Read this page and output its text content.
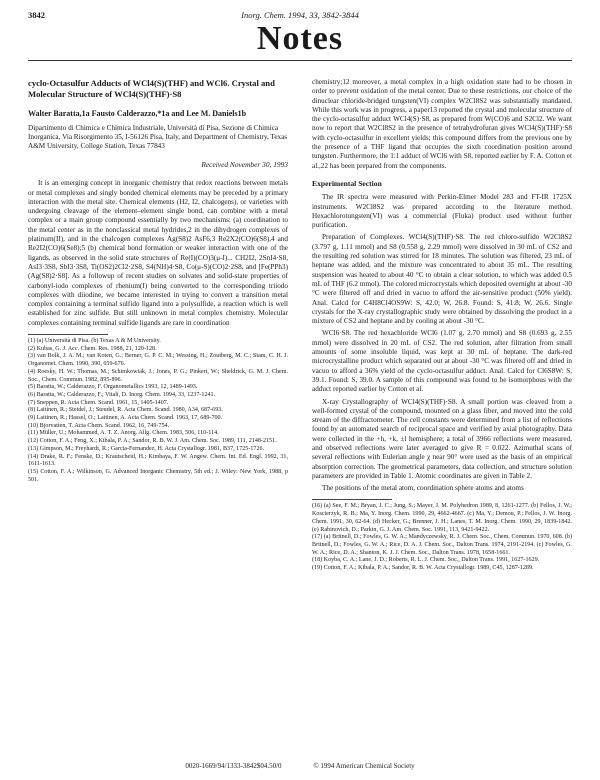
3842	Inorg. Chem. 1994, 33, 3842-3844
Notes
cyclo-Octasulfur Adducts of WCl4(S)(THF) and WCl6. Crystal and Molecular Structure of WCl4(S)(THF)·S8
Walter Baratta,1a Fausto Calderazzo,*1a and Lee M. Daniels1b
Dipartimento di Chimica e Chimica Industriale, Università di Pisa, Sezione di Chimica Inorganica, Via Risorgimento 35, I-56126 Pisa, Italy, and Department of Chemistry, Texas A&M University, College Station, Texas 77843
Received November 30, 1993
It is an emerging concept in inorganic chemistry that redox reactions between metals or metal complexes and singly bonded chemical elements may be preceded by a primary interaction with the metal site. Chemical elements (H2, I2, chalcogens), or varieties with undergoing cleavage of the element–element single bond, can combine with a metal complex or a main group compound essentially by two mechanisms: (a) coordination to the metal center as in the nonclassical metal hydrides,2 in the dihydrogen complexes of platinum(II), and in the chalcogen complexes Ag(S8)2 AsF6,3 Re2X2(CO)6(S8),4 and Re2I2(CO)6(Se8);5 (b) chemical bond formation or weaker interaction with one of the ligands, as observed in the solid state structures of Re(I)(CO)3(μ-I)... CH2I2, 2SnI4·S8, AsI3·3S8, SbI3·3S8, Ti(OS2)2Cl2·2S8, S4(NH)4·S8, Co(μ-S)(CO)2·2S8, and [Fe(PPh3)(Ag(S8)2·S8]. As a followup of recent studies on solvates and solid-state properties of carbonyl-iodo complexes of rhenium(I) being converted to the corresponding triiodo complexes with diiodine, we became interested in trying to convert a transition metal complex containing a terminal sulfido ligand into a polysulfide, a reaction which is well established for zinc sulfide. But still unknown in metal complex chemistry. Molecular complexes containing terminal sulfide ligands are rare in coordination
(1) (a) Università di Pisa. (b) Texas A & M University.
(2) Kubas, G. J. Acc. Chem. Res. 1988, 21, 120-128.
(3) van Bolk, J. A. M.; van Koten, G.; Berner, G. P. C. M.; Wessing, H.; Zoutberg, M. C.; Stam, C. H. J. Organomet. Chem. 1990, 390, 659-676.
(4) Roesky, H. W.; Thomas, M.; Schimkowiak, J.; Jones, P. G.; Pinkert, W.; Sheldrick, G. M. J. Chem. Soc., Chem. Commun. 1982, 895-896.
(5) Baratta, W.; Calderazzo, F. Organometallics 1993, 12, 1489-1493.
(6) Baratta, W.; Calderazzo, F.; Vitali, D. Inorg. Chem. 1994, 33, 1237-1241.
(7) Sneppen, R. Acta Chem. Scand. 1961, 15, 1405-1407.
(8) Laitinen, R.; Steidel, J.; Steudel, R. Acta Chem. Scand. 1980, A34, 687-693.
(9) Laitinen, R.; Hassel, O.; Laitinen, A. Acta Chem. Scand. 1963, 17, 689-700.
(10) Bjorvatten, T. Acta Chem. Scand. 1962, 16, 749-754.
(11) Müller, U.; Mohammed, A. T. Z. Anorg. Allg. Chem. 1983, 506, 110-114.
(12) Cotton, F. A.; Feng, X.; Kibala, P. A.; Sandor, R. B. W. J. Am. Chem. Soc. 1989, 111, 2148-2151.
(13) Gimpson, M.; Freyhardt, R.; Garcia-Fernandez, H. Acta Crystallogr. 1981, B37, 1725-1726.
(14) Drake, R. F.; Fenske, D.; Krautscheid, H.; Kimbaya, F. W. Angew. Chem. Int. Ed. Engl. 1992, 31, 1611-1613.
(15) Cotton, F. A.; Wilkinson, G. Advanced Inorganic Chemistry, 5th ed.; J. Wiley: New York, 1988, p 501.
chemistry;12 moreover, a metal complex in a high oxidation state had to be chosen in order to prevent oxidation of the metal center. Due to these restrictions, our choice of the dinuclear chloride-bridged tungsten(VI) complex W2Cl8S2 was substantially mandated. While this work was in progress, a paper13 reported the crystal and molecular structure of the cyclo-octasulfur adduct WCl4(S)·S8, as prepared from W(CO)6 and S2Cl2. We want now to report that W2Cl8S2 in the presence of tetrahydrofuran gives WCl4(S)(THF)·S8 with cyclo-octasulfur in excellent yields; this compound differs from the previous one by the presence of a THF ligand that occupies the sixth coordination position around tungsten. Furthermore, the 1:1 adduct of WCl6 with S8, reported earlier by F. A. Cotton et al.,22 has been prepared from the components.
Experimental Section
The IR spectra were measured with Perkin-Elmer Model 283 and FT-IR 1725X instruments. W2Cl8S2 was prepared according to the literature method. Hexachlorotungsten(VI) was a commercial (Fluka) product used without further purification.
Preparation of Complexes. WCl4(S)(THF)·S8. The red chloro-sulfido W2Cl8S2 (3.797 g, 1.11 mmol) and S8 (0.558 g, 2.29 mmol) were dissolved in 30 mL of CS2 and the resulting red solution was stirred for 18 minutes. The solution was filtered, 23 mL of heptane was added, and the mixture was concentrated to about 35 mL. The resulting suspension was heated to about 40 °C to obtain a clear solution, to which was added 0.5 mL of THF (6.2 mmol). The colored microcrystals which deposited overnight at about -30 °C were filtered off and dried in vacuo to afford the air-sensitive product (50% yield). Anal. Calcd for C4H8Cl4OS9W: S, 42.0; W, 26.8. Found: S, 41.8; W, 26.6. Single crystals for the X-ray crystallographic study were obtained by dissolving the product in a mixture of CS2 and heptane and by cooling at about -30 °C.
WCl6·S8. The red hexachloride WCl6 (1.07 g, 2.70 mmol) and S8 (0.693 g, 2.55 mmol) were dissolved in 20 mL of CS2. The red solution, after filtration from small amounts of some insoluble liquid, was kept at 30 mL of heptane. The dark-red microcrystalline product which separated out at about -30 °C was filtered off and dried in vacuo to afford a 36% yield of the cyclo-octasulfur adduct. Anal. Calcd for Cl6S8W: S, 39.1. Found: S, 39.0. A sample of this compound was found to be isomorphous with the adduct reported earlier by Cotton et al.
X-ray Crystallography of WCl4(S)(THF)·S8. A small portion was cleaved from a well-formed crystal of the compound, mounted on a glass fiber, and moved into the cold stream of the diffractometer. The cell constants were determined from a list of reflections found by an automated search of reciprocal space and verified by axial photography. Data were collected in the +h, +k, ±l hemisphere; a total of 3966 reflections were measured, and observed reflections were later averaged to give R = 0.022. Azimuthal scans of several reflections with Eulerian angle χ near 90° were used as the basis of an empirical absorption correction. The geometrical parameters, data collection, and structure solution parameters are provided in Table 1. Atomic coordinates are given in Table 2.
The positions of the metal atom, coordination sphere atoms and atoms
(16) (a) See, F. M.; Bryan, J. C.; Jung, S.; Mayer, J. M. Polyhedron 1989, 8, 1261-1277. (b) Fellos, J. W.; Koscierzyk, R. B.; Ma, Y. Inorg. Chem. 1990, 29, 4662-4667. (c) Ma, Y.; Demou, P.; Fellos, J. W. Inorg. Chem. 1991, 30, 62-64. (d) Hecker, G.; Brenner, J. H.; Lanes, T. M. Inorg. Chem. 1990, 29, 1839-1842. (e) Rabinovich, D.; Parkin, G. J. Am. Chem. Soc. 1991, 113, 9421-9422.
(17) (a) Britnell, D.; Fowles, G. W. A.; Mandyczewsky, R. J. Chem. Soc., Chem. Commun. 1970, 608. (b) Britnell, D.; Fowles, G. W. A.; Rice, D. A. J. Chem. Soc., Dalton Trans. 1974, 2191-2194. (c) Fowles, G. W. A.; Rice, D. A.; Shanton, K. J. J. Chem. Soc., Dalton Trans. 1978, 1658-1661.
(18) Koyba, C. A.; Lane, J. D.; Roberts, R. L. J. Chem. Soc., Dalton Trans. 1991, 1627-1629.
(19) Cotton, F. A.; Kibala, P. A.; Sandor, R. B. W. Acta Crystallogr. 1989, C45, 1287-1289.
0020-1669/94/1333-3842$04.50/0	© 1994 American Chemical Society
